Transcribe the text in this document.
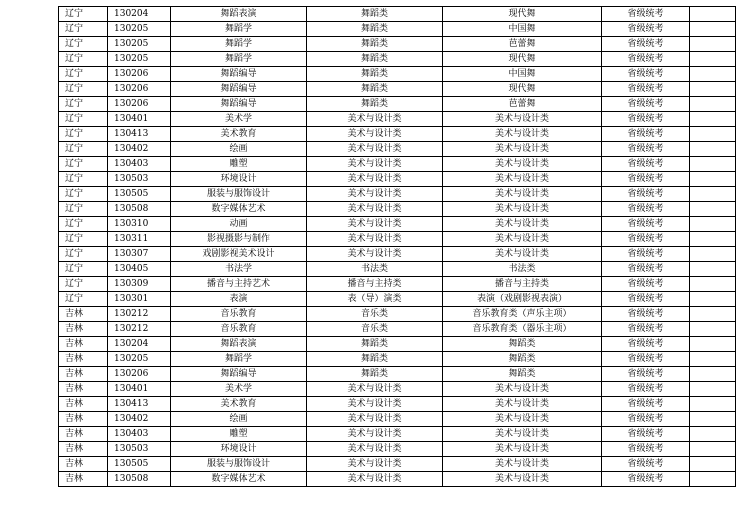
辽宁	130204	舞蹈表演	舞蹈类	现代舞	省级统考	
辽宁	130205	舞蹈学	舞蹈类	中国舞	省级统考	
辽宁	130205	舞蹈学	舞蹈类	芭蕾舞	省级统考	
辽宁	130205	舞蹈学	舞蹈类	现代舞	省级统考	
辽宁	130206	舞蹈编导	舞蹈类	中国舞	省级统考	
辽宁	130206	舞蹈编导	舞蹈类	现代舞	省级统考	
辽宁	130206	舞蹈编导	舞蹈类	芭蕾舞	省级统考	
辽宁	130401	美术学	美术与设计类	美术与设计类	省级统考	
辽宁	130413	美术教育	美术与设计类	美术与设计类	省级统考	
辽宁	130402	绘画	美术与设计类	美术与设计类	省级统考	
辽宁	130403	雕塑	美术与设计类	美术与设计类	省级统考	
辽宁	130503	环境设计	美术与设计类	美术与设计类	省级统考	
辽宁	130505	服装与服饰设计	美术与设计类	美术与设计类	省级统考	
辽宁	130508	数字媒体艺术	美术与设计类	美术与设计类	省级统考	
辽宁	130310	动画	美术与设计类	美术与设计类	省级统考	
辽宁	130311	影视摄影与制作	美术与设计类	美术与设计类	省级统考	
辽宁	130307	戏剧影视美术设计	美术与设计类	美术与设计类	省级统考	
辽宁	130405	书法学	书法类	书法类	省级统考	
辽宁	130309	播音与主持艺术	播音与主持类	播音与主持类	省级统考	
辽宁	130301	表演	表（导）演类	表演（戏剧影视表演）	省级统考	
吉林	130212	音乐教育	音乐类	音乐教育类（声乐主项）	省级统考	
吉林	130212	音乐教育	音乐类	音乐教育类（器乐主项）	省级统考	
吉林	130204	舞蹈表演	舞蹈类	舞蹈类	省级统考	
吉林	130205	舞蹈学	舞蹈类	舞蹈类	省级统考	
吉林	130206	舞蹈编导	舞蹈类	舞蹈类	省级统考	
吉林	130401	美术学	美术与设计类	美术与设计类	省级统考	
吉林	130413	美术教育	美术与设计类	美术与设计类	省级统考	
吉林	130402	绘画	美术与设计类	美术与设计类	省级统考	
吉林	130403	雕塑	美术与设计类	美术与设计类	省级统考	
吉林	130503	环境设计	美术与设计类	美术与设计类	省级统考	
吉林	130505	服装与服饰设计	美术与设计类	美术与设计类	省级统考	
吉林	130508	数字媒体艺术	美术与设计类	美术与设计类	省级统考	
